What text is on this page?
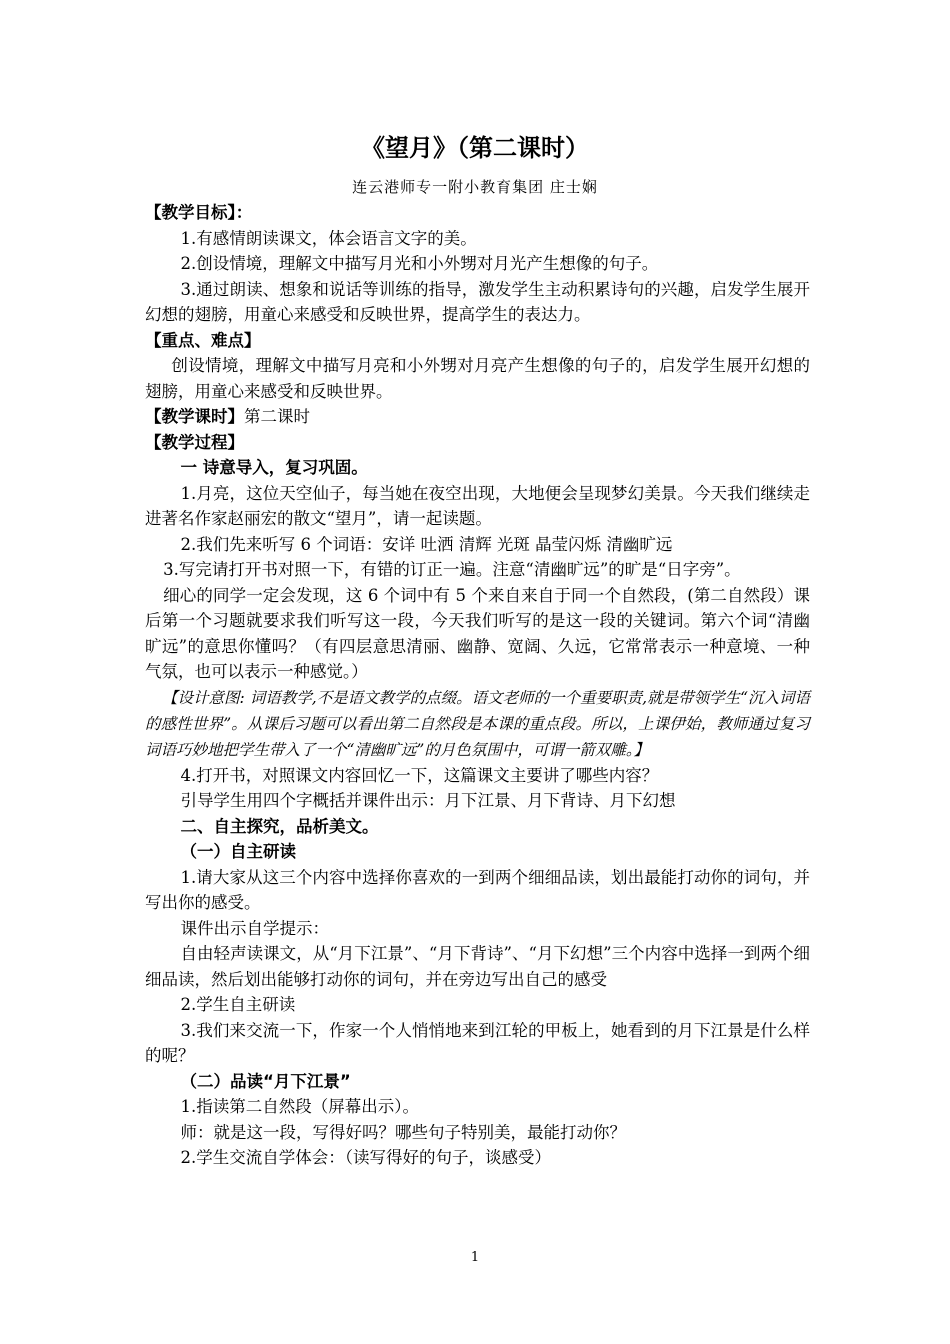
《望月》（第二课时）
连云港师专一附小教育集团 庄士娴

【教学目标】：

1.有感情朗读课文，体会语言文字的美。

2.创设情境，理解文中描写月光和小外甥对月光产生想像的句子。

3.通过朗读、想象和说话等训练的指导，激发学生主动积累诗句的兴趣，启发学生展开幻想的翅膀，用童心来感受和反映世界，提高学生的表达力。

【重点、难点】

创设情境，理解文中描写月亮和小外甥对月亮产生想像的句子的，启发学生展开幻想的翅膀，用童心来感受和反映世界。

【教学课时】第二课时

【教学过程】

一 诗意导入，复习巩固。

1.月亮，这位天空仙子，每当她在夜空出现，大地便会呈现梦幻美景。今天我们继续走进著名作家赵丽宏的散文“望月”，请一起读题。

2.我们先来听写 6 个词语：安详 吐洒 清辉 光斑 晶莹闪烁 清幽旷远

3.写完请打开书对照一下，有错的订正一遍。注意“清幽旷远”的旷是“日字旁”。

细心的同学一定会发现，这 6 个词中有 5 个来自来自于同一个自然段，(第二自然段）课后第一个习题就要求我们听写这一段，今天我们听写的是这一段的关键词。第六个词“清幽旷远”的意思你懂吗？（有四层意思清丽、幽静、宽阔、久远，它常常表示一种意境、一种气氛，也可以表示一种感觉。）

【设计意图: 词语教学,不是语文教学的点缀。语文老师的一个重要职责,就是带领学生“沉入词语的感性世界”。从课后习题可以看出第二自然段是本课的重点段。所以，上课伊始，教师通过复习词语巧妙地把学生带入了一个“清幽旷远”的月色氛围中，可谓一箭双雕。】

4.打开书，对照课文内容回忆一下，这篇课文主要讲了哪些内容？

引导学生用四个字概括并课件出示：月下江景、月下背诗、月下幻想

二、自主探究，品析美文。

（一）自主研读

1.请大家从这三个内容中选择你喜欢的一到两个细细品读，划出最能打动你的词句，并写出你的感受。

课件出示自学提示：

自由轻声读课文，从“月下江景”、“月下背诗”、“月下幻想”三个内容中选择一到两个细细品读，然后划出能够打动你的词句，并在旁边写出自己的感受

2.学生自主研读

3.我们来交流一下，作家一个人悄悄地来到江轮的甲板上，她看到的月下江景是什么样的呢？

（二）品读“月下江景”

1.指读第二自然段（屏幕出示）。

师：就是这一段，写得好吗？哪些句子特别美，最能打动你？

2.学生交流自学体会：（读写得好的句子，谈感受）

1
